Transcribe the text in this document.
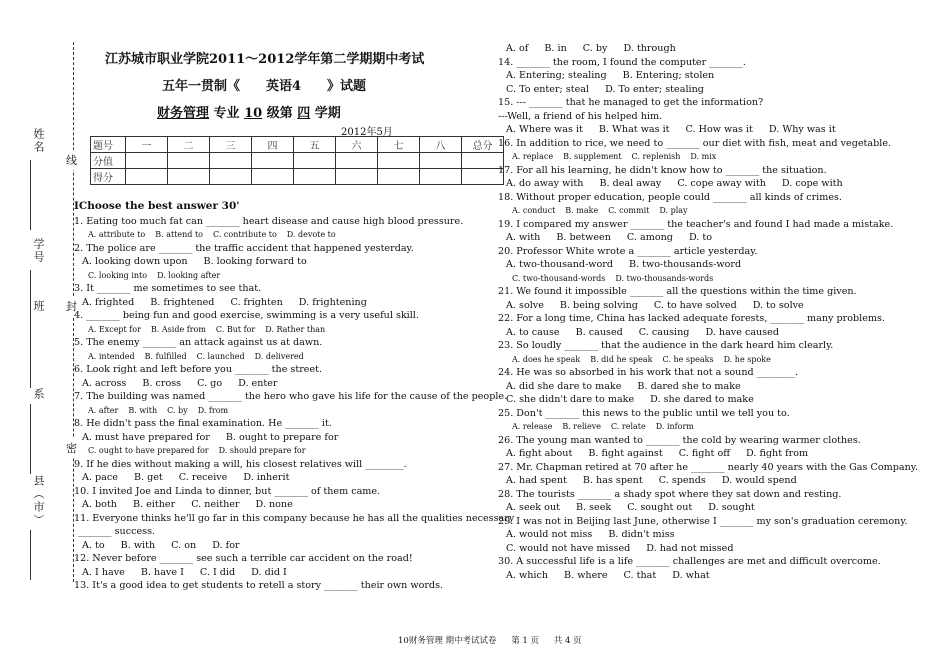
姓名
学号
班
系
县（市）
线
封
密
江苏城市职业学院2011～2012学年第二学期期中考试
五年一贯制《　　英语4　　》试题
财务管理 专业 10 级第 四 学期
2012年5月
题号	一	二	三	四	五	六	七	八	总分
分值									
得分									
ⅠChoose the best answer 30'
1. Eating too much fat can _______ heart disease and cause high blood pressure.
A. attribute to B. attend to C. contribute to D. devote to
2. The police are _______ the traffic accident that happened yesterday.
A. looking down upon B. looking forward to
C. looking into D. looking after
3. It _______ me sometimes to see that.
A. frighted B. frightened C. frighten D. frightening
4. _______ being fun and good exercise, swimming is a very useful skill.
A. Except for B. Aside from C. But for D. Rather than
5. The enemy _______ an attack against us at dawn.
A. intended B. fulfilled C. launched D. delivered
6. Look right and left before you _______ the street.
A. across B. cross C. go D. enter
7. The building was named _______ the hero who gave his life for the cause of the people.
A. after B. with C. by D. from
8. He didn't pass the final examination. He _______ it.
A. must have prepared for B. ought to prepare for
C. ought to have prepared for D. should prepare for
9. If he dies without making a will, his closest relatives will ________.
A. pace B. get C. receive D. inherit
10. I invited Joe and Linda to dinner, but _______ of them came.
A. both B. either C. neither D. none
11. Everyone thinks he'll go far in this company because he has all the qualities necessary
_______ success.
A. to B. with C. on D. for
12. Never before _______ see such a terrible car accident on the road!
A. I have B. have I C. I did D. did I
13. It's a good idea to get students to retell a story _______ their own words.
A. of B. in C. by D. through
14. _______ the room, I found the computer _______.
A. Entering; stealing B. Entering; stolen
C. To enter; steal D. To enter; stealing
15. --- _______ that he managed to get the information?
---Well, a friend of his helped him.
A. Where was it B. What was it C. How was it D. Why was it
16. In addition to rice, we need to _______ our diet with fish, meat and vegetable.
A. replace B. supplement C. replenish D. mix
17. For all his learning, he didn't know how to _______ the situation.
A. do away with B. deal away C. cope away with D. cope with
18. Without proper education, people could _______ all kinds of crimes.
A. conduct B. make C. commit D. play
19. I compared my answer _______ the teacher's and found I had made a mistake.
A. with B. between C. among D. to
20. Professor White wrote a _______ article yesterday.
A. two-thousand-word B. two-thousands-word
C. two-thousand-words D. two-thousands-words
21. We found it impossible _______ all the questions within the time given.
A. solve B. being solving C. to have solved D. to solve
22. For a long time, China has lacked adequate forests, _______ many problems.
A. to cause B. caused C. causing D. have caused
23. So loudly _______ that the audience in the dark heard him clearly.
A. does he speak B. did he speak C. he speaks D. he spoke
24. He was so absorbed in his work that not a sound ________.
A. did she dare to make B. dared she to make
C. she didn't dare to make D. she dared to make
25. Don't _______ this news to the public until we tell you to.
A. release B. relieve C. relate D. inform
26. The young man wanted to _______ the cold by wearing warmer clothes.
A. fight about B. fight against C. fight off D. fight from
27. Mr. Chapman retired at 70 after he _______ nearly 40 years with the Gas Company.
A. had spent B. has spent C. spends D. would spend
28. The tourists _______ a shady spot where they sat down and resting.
A. seek out B. seek C. sought out D. sought
29. I was not in Beijing last June, otherwise I _______ my son's graduation ceremony.
A. would not miss B. didn't miss
C. would not have missed D. had not missed
30. A successful life is a life _______ challenges are met and difficult overcome.
A. which B. where C. that D. what
10财务管理 期中考试试卷 第 1 页 共 4 页
